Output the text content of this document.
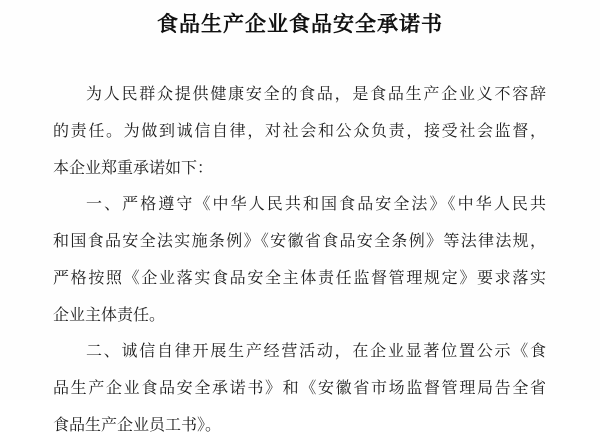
食品生产企业食品安全承诺书
为人民群众提供健康安全的食品，是食品生产企业义不容辞
的责任。为做到诚信自律，对社会和公众负责，接受社会监督，
本企业郑重承诺如下：
一、严格遵守《中华人民共和国食品安全法》《中华人民共
和国食品安全法实施条例》《安徽省食品安全条例》等法律法规，
严格按照《企业落实食品安全主体责任监督管理规定》要求落实
企业主体责任。
二、诚信自律开展生产经营活动，在企业显著位置公示《食
品生产企业食品安全承诺书》和《安徽省市场监督管理局告全省
食品生产企业员工书》。
